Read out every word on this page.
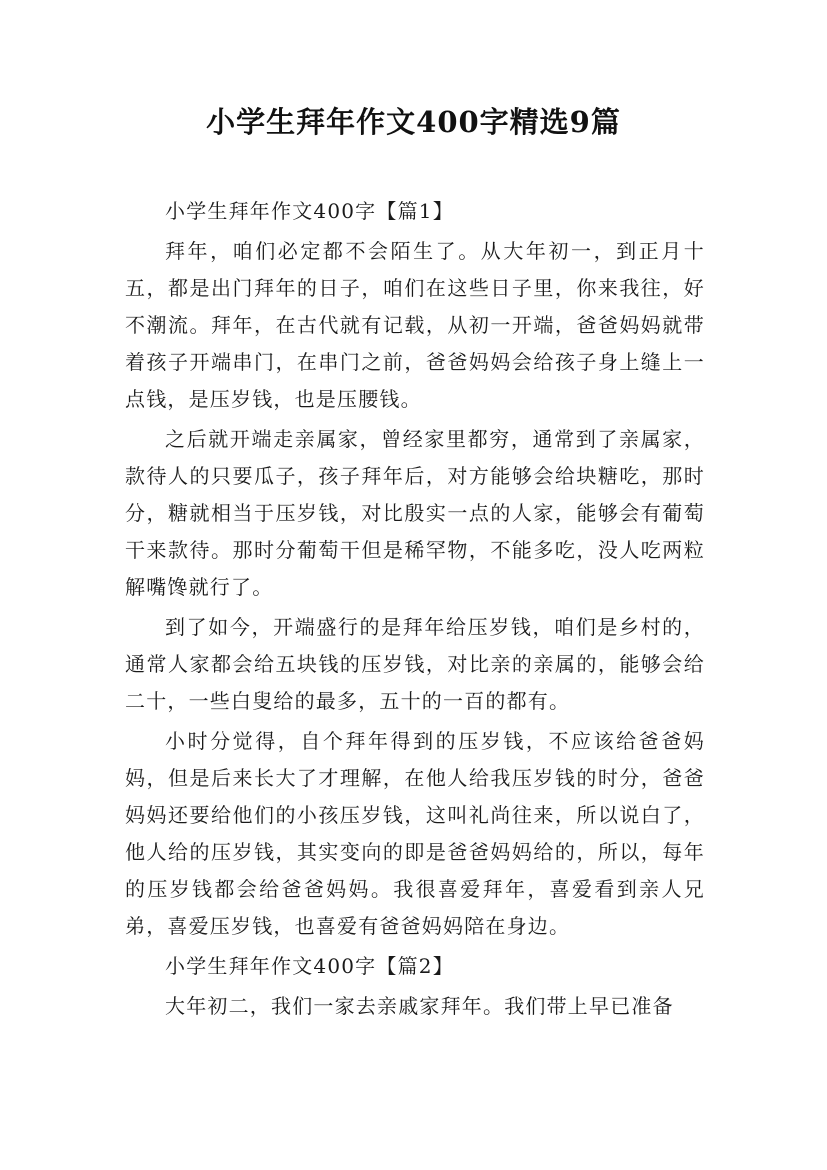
小学生拜年作文400字精选9篇

小学生拜年作文400字【篇1】

拜年，咱们必定都不会陌生了。从大年初一，到正月十五，都是出门拜年的日子，咱们在这些日子里，你来我往，好不潮流。拜年，在古代就有记载，从初一开端，爸爸妈妈就带着孩子开端串门，在串门之前，爸爸妈妈会给孩子身上缝上一点钱，是压岁钱，也是压腰钱。

之后就开端走亲属家，曾经家里都穷，通常到了亲属家，款待人的只要瓜子，孩子拜年后，对方能够会给块糖吃，那时分，糖就相当于压岁钱，对比殷实一点的人家，能够会有葡萄干来款待。那时分葡萄干但是稀罕物，不能多吃，没人吃两粒解嘴馋就行了。

到了如今，开端盛行的是拜年给压岁钱，咱们是乡村的，通常人家都会给五块钱的压岁钱，对比亲的亲属的，能够会给二十，一些白叟给的最多，五十的一百的都有。

小时分觉得，自个拜年得到的压岁钱，不应该给爸爸妈妈，但是后来长大了才理解，在他人给我压岁钱的时分，爸爸妈妈还要给他们的小孩压岁钱，这叫礼尚往来，所以说白了，他人给的压岁钱，其实变向的即是爸爸妈妈给的，所以，每年的压岁钱都会给爸爸妈妈。我很喜爱拜年，喜爱看到亲人兄弟，喜爱压岁钱，也喜爱有爸爸妈妈陪在身边。

小学生拜年作文400字【篇2】

大年初二，我们一家去亲戚家拜年。我们带上早已准备
